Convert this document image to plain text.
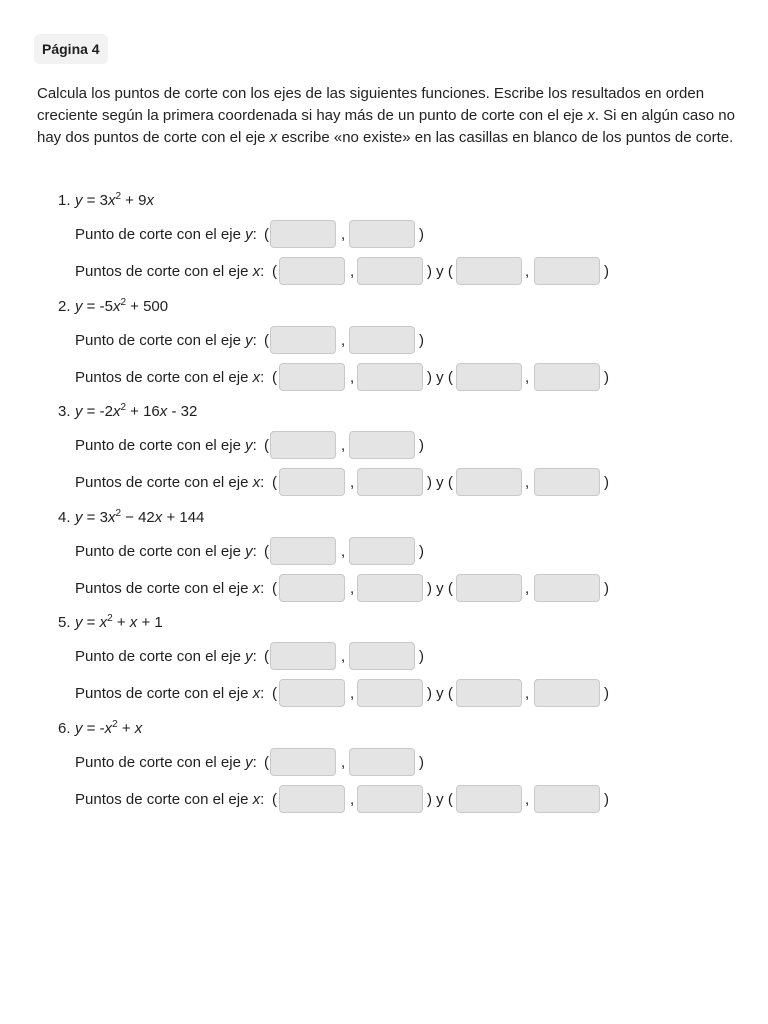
Página 4
Calcula los puntos de corte con los ejes de las siguientes funciones. Escribe los resultados en orden creciente según la primera coordenada si hay más de un punto de corte con el eje x. Si en algún caso no hay dos puntos de corte con el eje x escribe «no existe» en las casillas en blanco de los puntos de corte.
1. $y = 3x^2 + 9x$
Punto de corte con el eje y: (	,	)
Puntos de corte con el eje x: (	,	) y (	,	)
2. $y = -5x^2 + 500$
Punto de corte con el eje y: (	,	)
Puntos de corte con el eje x: (	,	) y (	,	)
3. $y = -2x^2 + 16x - 32$
Punto de corte con el eje y: (	,	)
Puntos de corte con el eje x: (	,	) y (	,	)
4. $y = 3x^2 - 42x + 144$
Punto de corte con el eje y: (	,	)
Puntos de corte con el eje x: (	,	) y (	,	)
5. $y = x^2 + x + 1$
Punto de corte con el eje y: (	,	)
Puntos de corte con el eje x: (	,	) y (	,	)
6. $y = -x^2 + x$
Punto de corte con el eje y: (	,	)
Puntos de corte con el eje x: (	,	) y (	,	)
